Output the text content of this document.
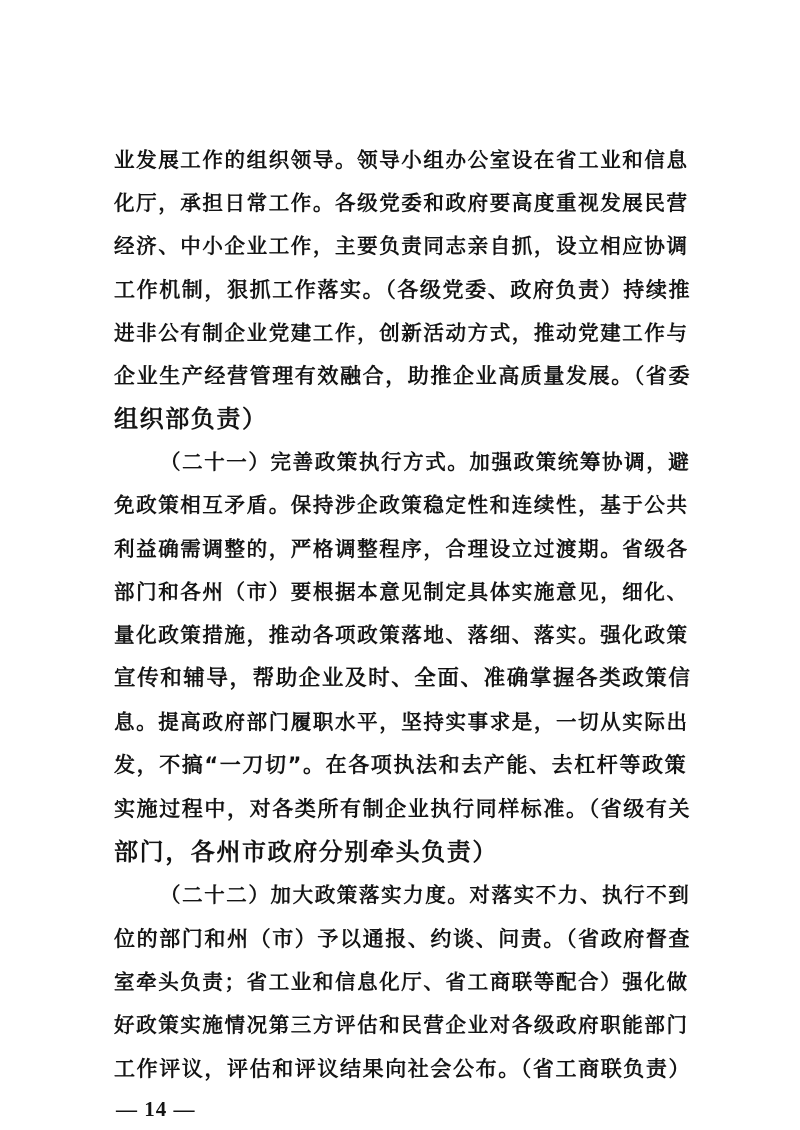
业发展工作的组织领导。领导小组办公室设在省工业和信息
化厅，承担日常工作。各级党委和政府要高度重视发展民营
经济、中小企业工作，主要负责同志亲自抓，设立相应协调
工作机制，狠抓工作落实。（各级党委、政府负责）持续推
进非公有制企业党建工作，创新活动方式，推动党建工作与
企业生产经营管理有效融合，助推企业高质量发展。（省委
组织部负责）
（二十一）完善政策执行方式。加强政策统筹协调，避
免政策相互矛盾。保持涉企政策稳定性和连续性，基于公共
利益确需调整的，严格调整程序，合理设立过渡期。省级各
部门和各州（市）要根据本意见制定具体实施意见，细化、
量化政策措施，推动各项政策落地、落细、落实。强化政策
宣传和辅导，帮助企业及时、全面、准确掌握各类政策信
息。提高政府部门履职水平，坚持实事求是，一切从实际出
发，不搞“一刀切”。在各项执法和去产能、去杠杆等政策
实施过程中，对各类所有制企业执行同样标准。（省级有关
部门，各州市政府分别牵头负责）
（二十二）加大政策落实力度。对落实不力、执行不到
位的部门和州（市）予以通报、约谈、问责。（省政府督查
室牵头负责；省工业和信息化厅、省工商联等配合）强化做
好政策实施情况第三方评估和民营企业对各级政府职能部门
工作评议，评估和评议结果向社会公布。（省工商联负责）
— 14 —
